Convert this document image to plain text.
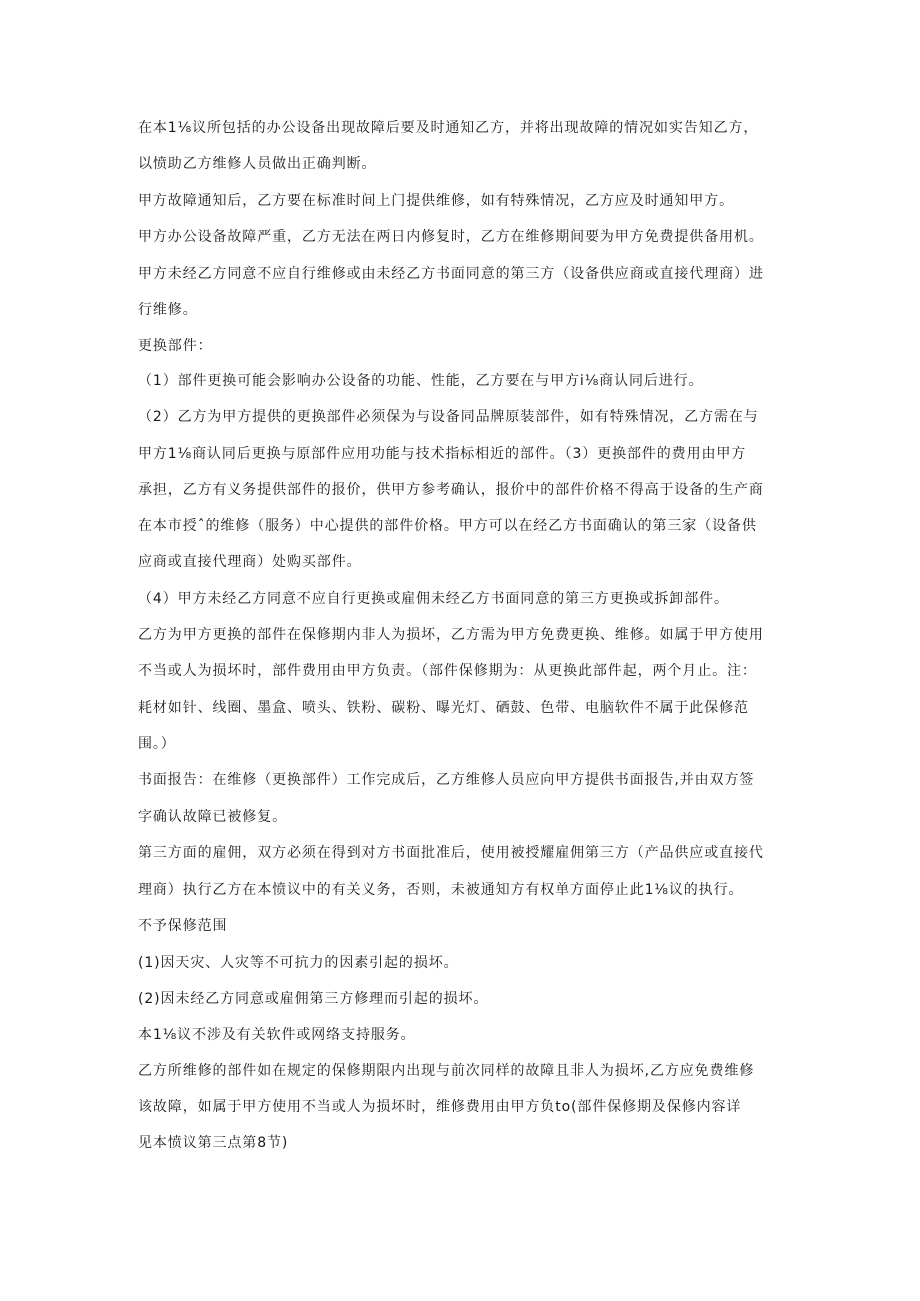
在本1⅛议所包括的办公设备出现故障后要及时通知乙方，并将出现故障的情况如实告知乙方，

以愤助乙方维修人员做出正确判断。

甲方故障通知后，乙方要在标准时间上门提供维修，如有特殊情况，乙方应及时通知甲方。

甲方办公设备故障严重，乙方无法在两日内修复时，乙方在维修期间要为甲方免费提供备用机。

甲方未经乙方同意不应自行维修或由未经乙方书面同意的第三方（设备供应商或直接代理商）进

行维修。

更换部件：

（1）部件更换可能会影响办公设备的功能、性能，乙方要在与甲方i⅛商认同后进行。

（2）乙方为甲方提供的更换部件必须保为与设备同品牌原装部件，如有特殊情况，乙方需在与

甲方1⅛商认同后更换与原部件应用功能与技术指标相近的部件。（3）更换部件的费用由甲方

承担，乙方有义务提供部件的报价，供甲方参考确认，报价中的部件价格不得高于设备的生产商

在本市授ˆ的维修（服务）中心提供的部件价格。甲方可以在经乙方书面确认的第三家（设备供

应商或直接代理商）处购买部件。

（4）甲方未经乙方同意不应自行更换或雇佣未经乙方书面同意的第三方更换或拆卸部件。

乙方为甲方更换的部件在保修期内非人为损坏，乙方需为甲方免费更换、维修。如属于甲方使用

不当或人为损坏时，部件费用由甲方负责。（部件保修期为：从更换此部件起，两个月止。注：

耗材如针、线圈、墨盒、喷头、铁粉、碳粉、曝光灯、硒鼓、色带、电脑软件不属于此保修范

围。）

书面报告：在维修（更换部件）工作完成后，乙方维修人员应向甲方提供书面报告,并由双方签

字确认故障已被修复。

第三方面的雇佣，双方必须在得到对方书面批准后，使用被授耀雇佣第三方（产品供应或直接代

理商）执行乙方在本愤议中的有关义务，否则，未被通知方有权单方面停止此1⅛议的执行。

不予保修范围

(1)因天灾、人灾等不可抗力的因素引起的损坏。

(2)因未经乙方同意或雇佣第三方修理而引起的损坏。

本1⅛议不涉及有关软件或网络支持服务。

乙方所维修的部件如在规定的保修期限内出现与前次同样的故障且非人为损坏,乙方应免费维修

该故障，如属于甲方使用不当或人为损坏时，维修费用由甲方负to(部件保修期及保修内容详

见本愤议第三点第8节)
